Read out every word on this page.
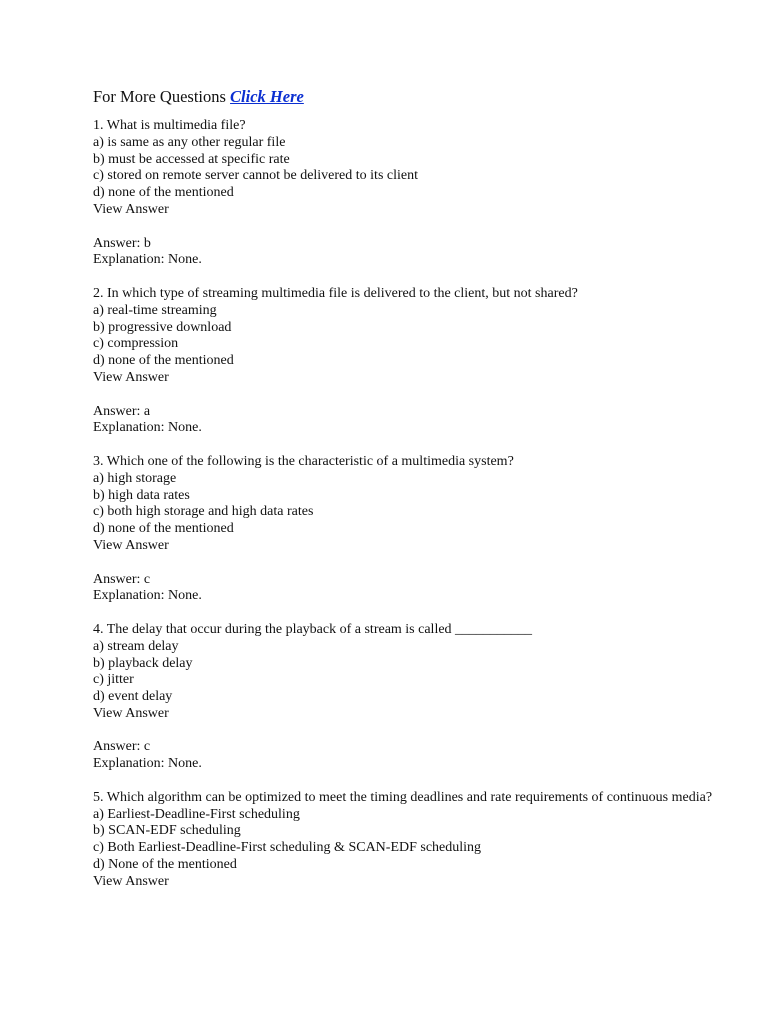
For More Questions Click Here
1. What is multimedia file?
a) is same as any other regular file
b) must be accessed at specific rate
c) stored on remote server cannot be delivered to its client
d) none of the mentioned
View Answer
Answer: b
Explanation: None.
2. In which type of streaming multimedia file is delivered to the client, but not shared?
a) real-time streaming
b) progressive download
c) compression
d) none of the mentioned
View Answer
Answer: a
Explanation: None.
3. Which one of the following is the characteristic of a multimedia system?
a) high storage
b) high data rates
c) both high storage and high data rates
d) none of the mentioned
View Answer
Answer: c
Explanation: None.
4. The delay that occur during the playback of a stream is called ___________
a) stream delay
b) playback delay
c) jitter
d) event delay
View Answer
Answer: c
Explanation: None.
5. Which algorithm can be optimized to meet the timing deadlines and rate requirements of continuous media?
a) Earliest-Deadline-First scheduling
b) SCAN-EDF scheduling
c) Both Earliest-Deadline-First scheduling & SCAN-EDF scheduling
d) None of the mentioned
View Answer
